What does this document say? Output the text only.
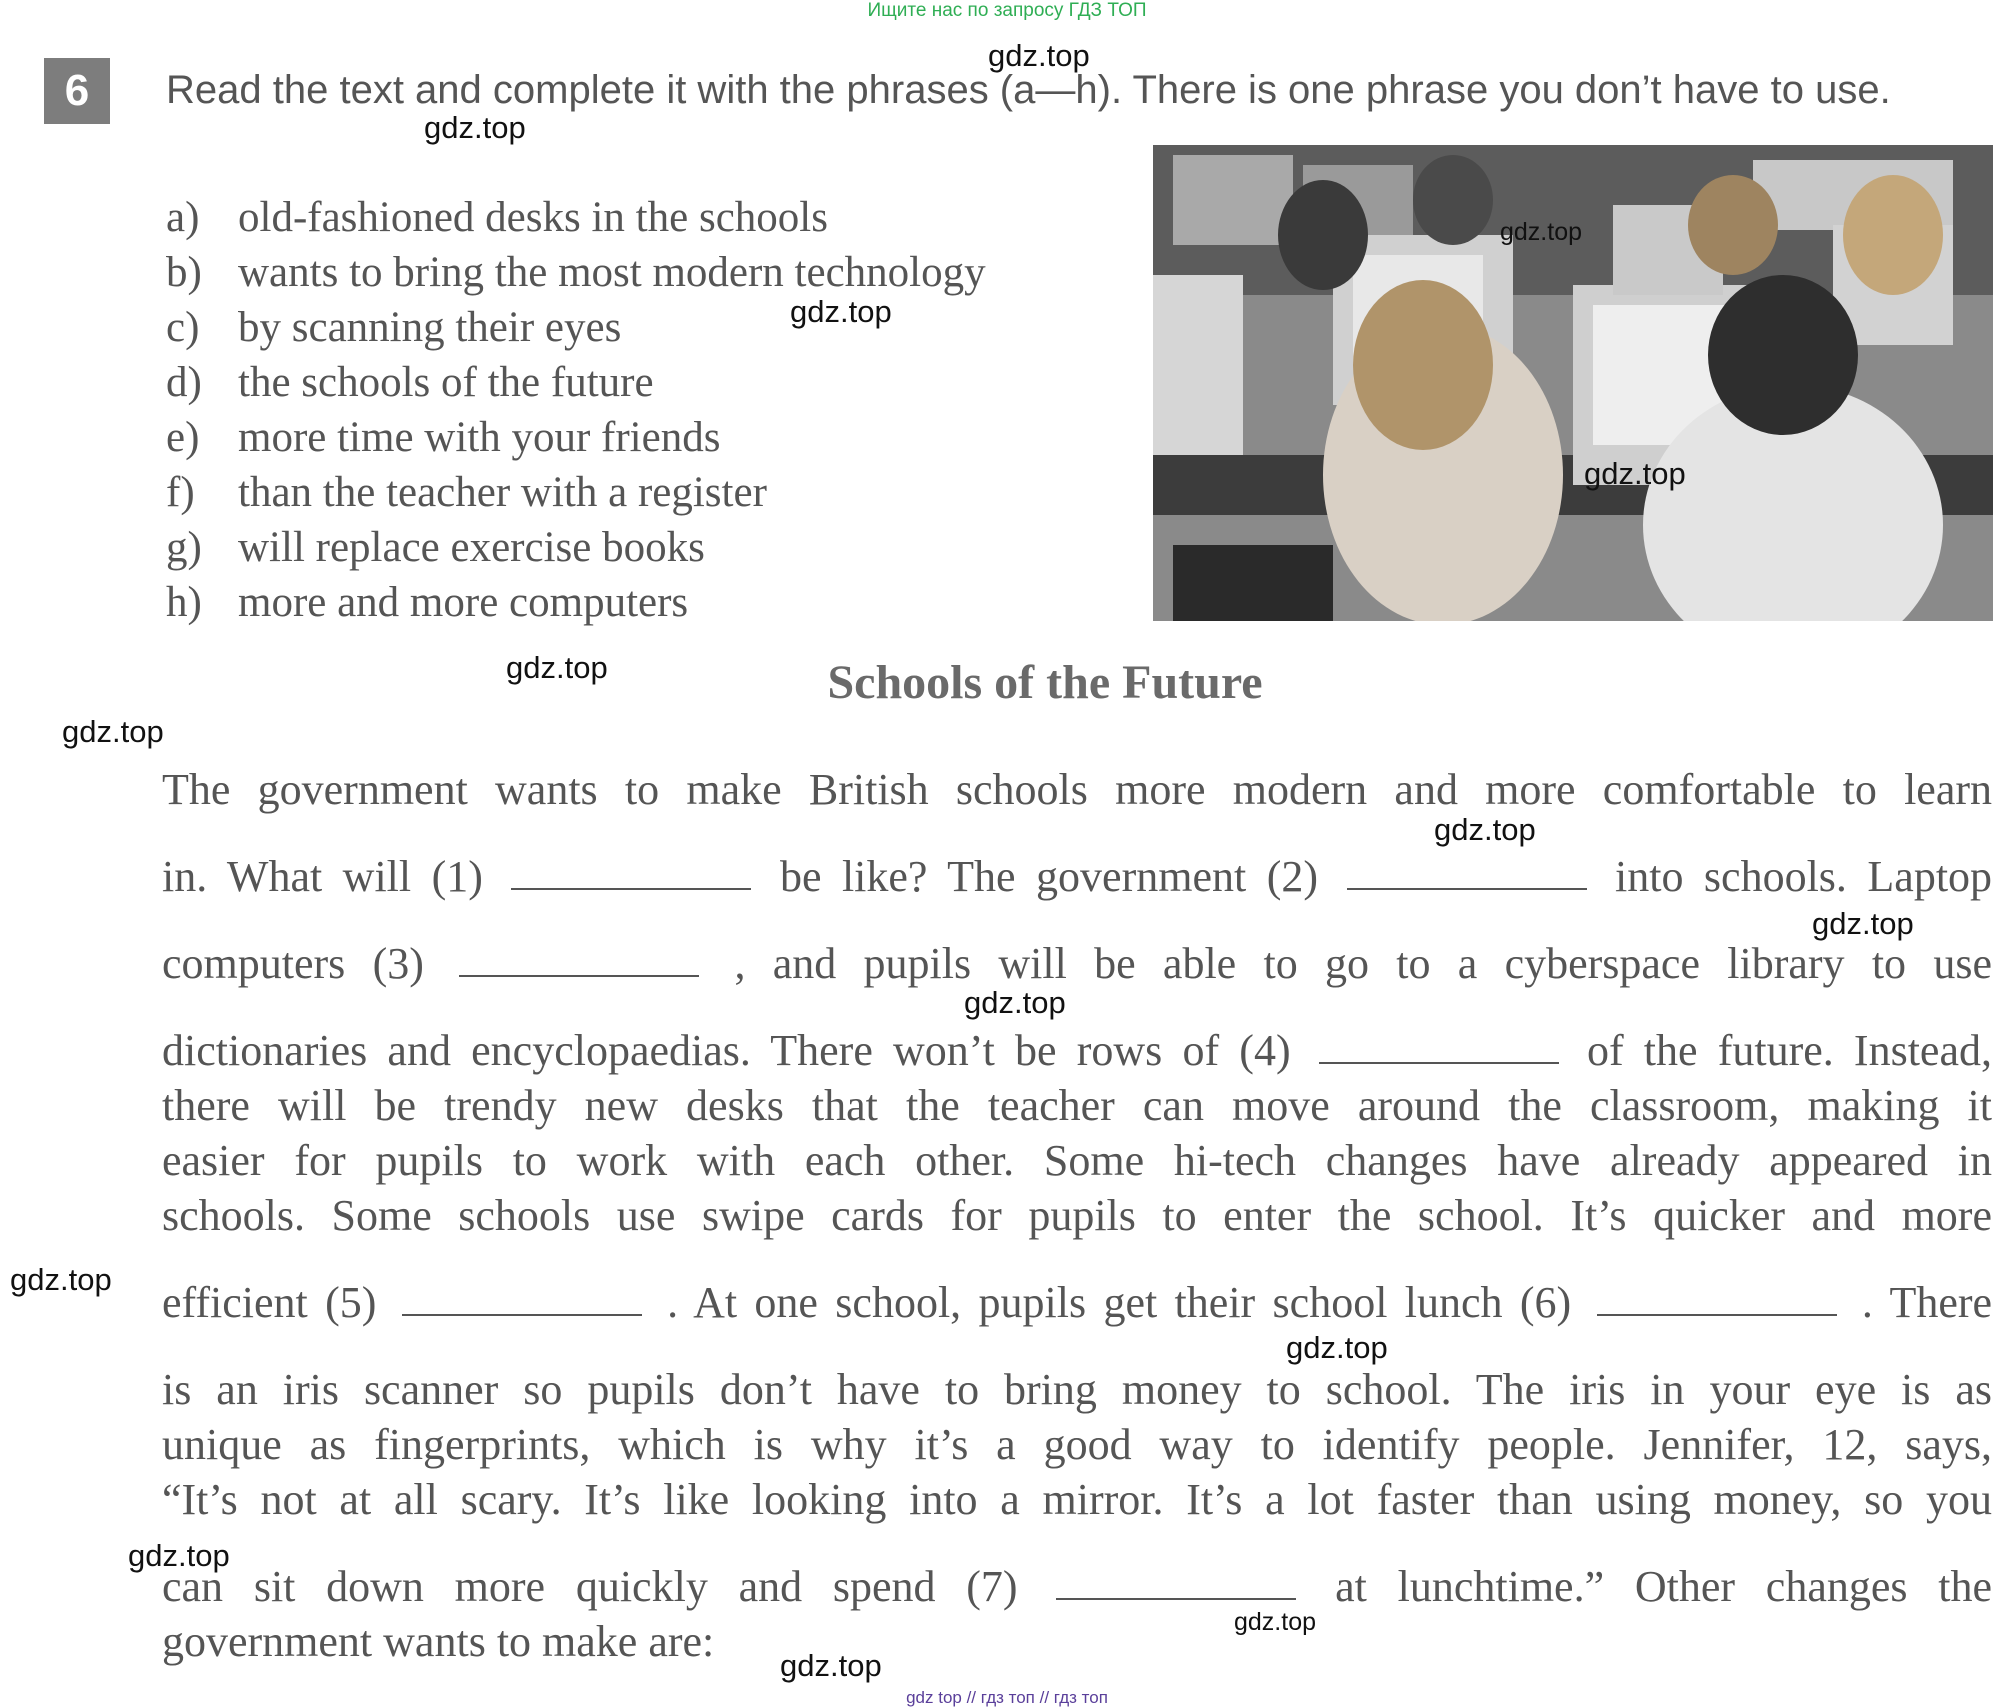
Ищите нас по запросу ГДЗ ТОП
6	Read the text and complete it with the phrases (a—h). There is one phrase you don’t have to use.
a) old-fashioned desks in the schools
b) wants to bring the most modern technology
c) by scanning their eyes
d) the schools of the future
e) more time with your friends
f) than the teacher with a register
g) will replace exercise books
h) more and more computers
Schools of the Future

The government wants to make British schools more modern and more comfortable to learn

in. What will (1)	be like? The government (2)	into schools. Laptop

computers (3)	, and pupils will be able to go to a cyberspace library to use

dictionaries and encyclopaedias. There won’t be rows of (4)	of the future. Instead,

there will be trendy new desks that the teacher can move around the classroom, making it

easier for pupils to work with each other. Some hi-tech changes have already appeared in

schools. Some schools use swipe cards for pupils to enter the school. It’s quicker and more

efficient (5)	. At one school, pupils get their school lunch (6)	. There

is an iris scanner so pupils don’t have to bring money to school. The iris in your eye is as

unique as fingerprints, which is why it’s a good way to identify people. Jennifer, 12, says,

“It’s not at all scary. It’s like looking into a mirror. It’s a lot faster than using money, so you

can sit down more quickly and spend (7)	at lunchtime.” Other changes the

government wants to make are:

gdz.top
gdz.top
gdz.top
gdz.top
gdz.top
gdz.top
gdz.top
gdz.top
gdz.top
gdz.top
gdz.top
gdz.top
gdz.top
gdz.top
gdz.top
gdz top // гдз топ // гдз топ
